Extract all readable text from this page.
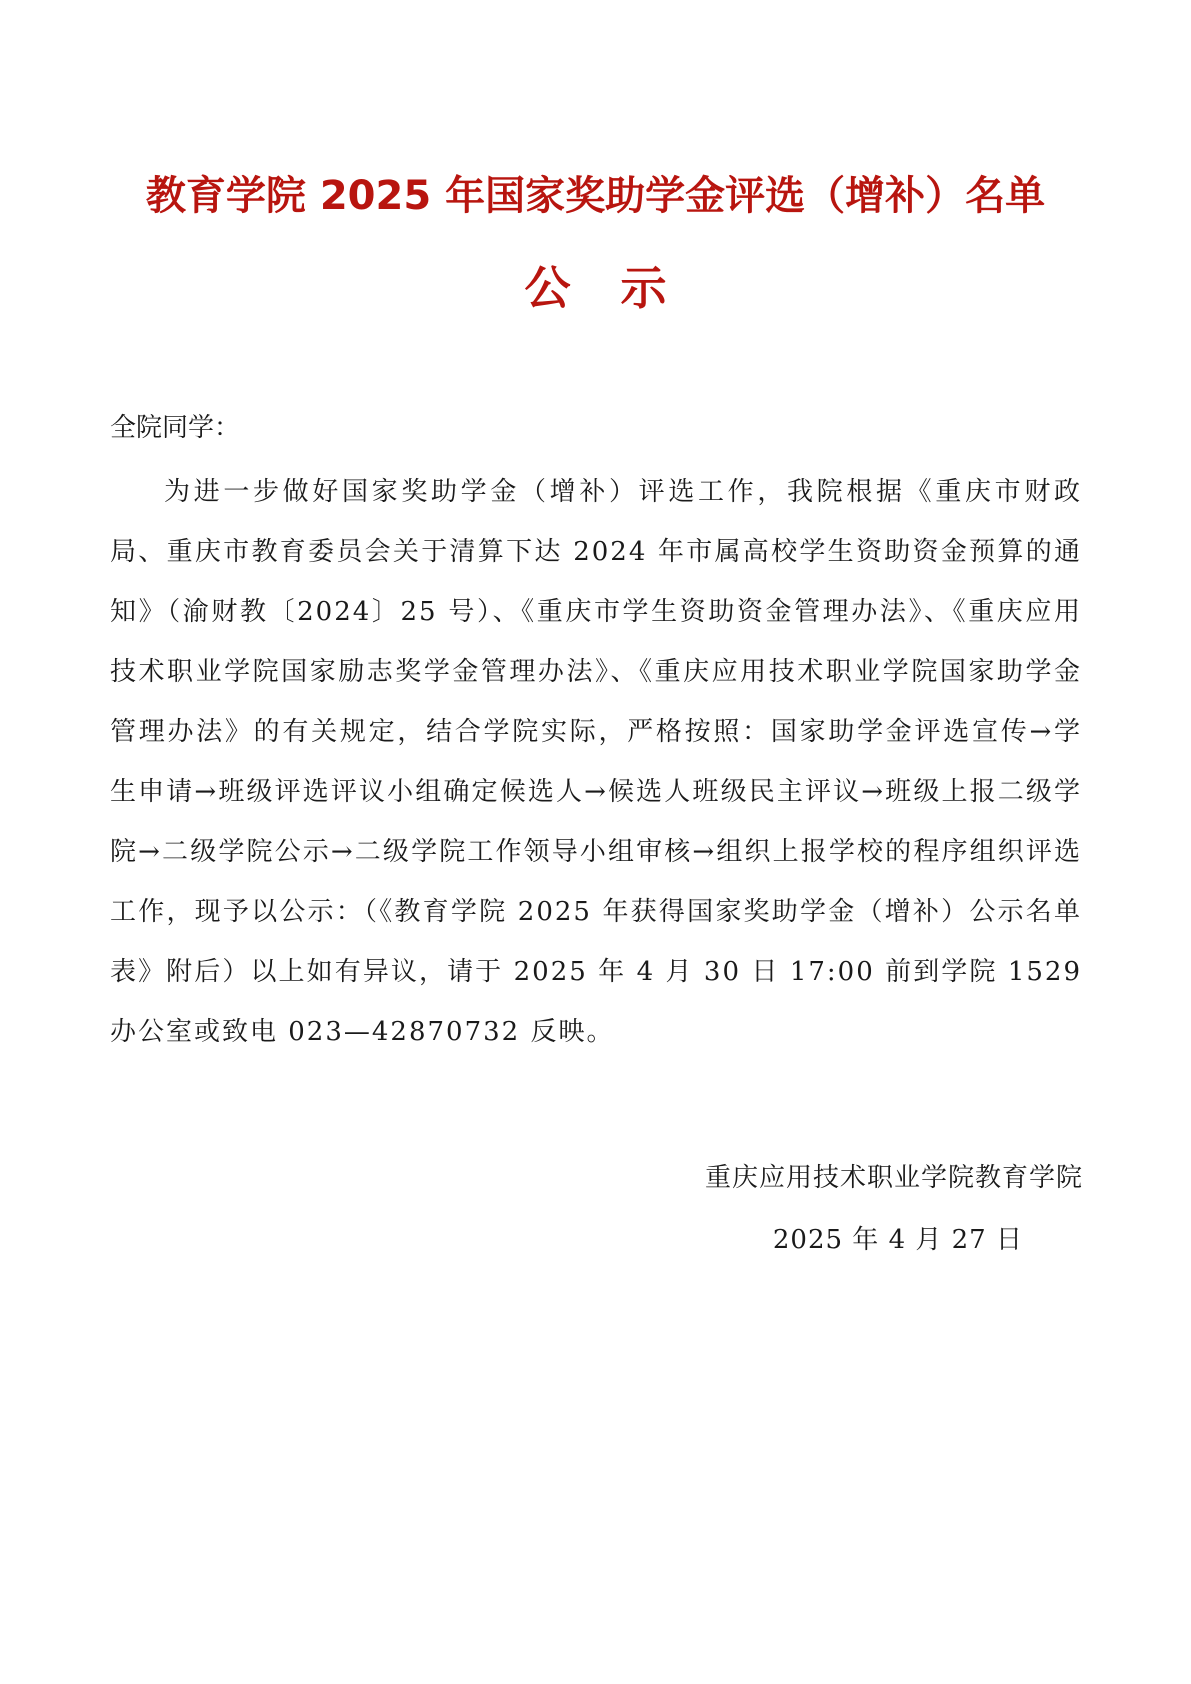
教育学院 2025 年国家奖助学金评选（增补）名单
公示
全院同学：
为进一步做好国家奖助学金（增补）评选工作，我院根据《重庆市财政局、重庆市教育委员会关于清算下达 2024 年市属高校学生资助资金预算的通知》（渝财教〔2024〕25 号）、《重庆市学生资助资金管理办法》、《重庆应用技术职业学院国家励志奖学金管理办法》、《重庆应用技术职业学院国家助学金管理办法》的有关规定，结合学院实际，严格按照：国家助学金评选宣传→学生申请→班级评选评议小组确定候选人→候选人班级民主评议→班级上报二级学院→二级学院公示→二级学院工作领导小组审核→组织上报学校的程序组织评选工作，现予以公示：（《教育学院 2025 年获得国家奖助学金（增补）公示名单表》附后）以上如有异议，请于 2025 年 4 月 30 日 17:00 前到学院 1529 办公室或致电 023—42870732 反映。
重庆应用技术职业学院教育学院
2025 年 4 月 27 日
